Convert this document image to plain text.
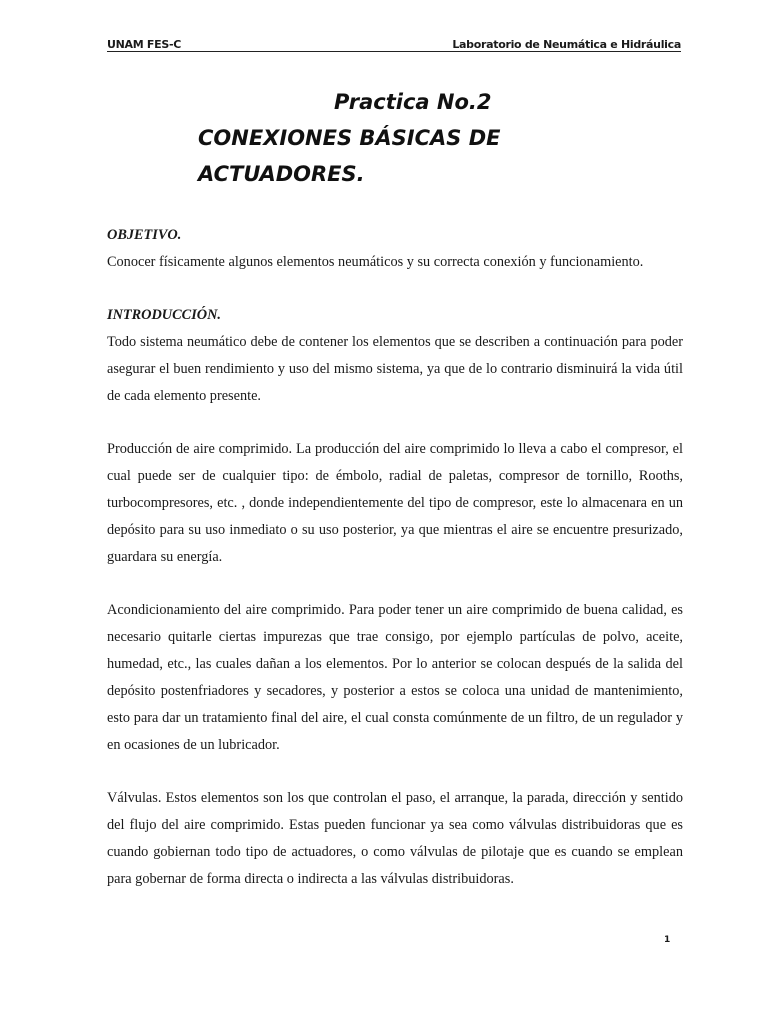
UNAM FES-C	Laboratorio de Neumática e Hidráulica
Practica No.2
CONEXIONES BÁSICAS DE
ACTUADORES.
OBJETIVO.
Conocer físicamente algunos elementos neumáticos y su correcta conexión y funcionamiento.
INTRODUCCIÓN.
Todo sistema neumático debe de contener los elementos que se describen a continuación para poder asegurar el buen rendimiento y uso del mismo sistema, ya que de lo contrario disminuirá la vida útil de cada elemento presente.
Producción de aire comprimido. La producción del aire comprimido lo lleva a cabo el compresor, el cual puede ser de cualquier tipo: de émbolo, radial de paletas, compresor de tornillo, Rooths, turbocompresores, etc. , donde independientemente del tipo de compresor, este lo almacenara en un depósito para su uso inmediato o su uso posterior, ya que mientras el aire se encuentre presurizado, guardara su energía.
Acondicionamiento del aire comprimido. Para poder tener un aire comprimido de buena calidad, es necesario quitarle ciertas impurezas que trae consigo, por ejemplo partículas de polvo, aceite, humedad, etc., las cuales dañan a los elementos. Por lo anterior se colocan después de la salida del depósito postenfriadores y secadores, y posterior a estos se coloca una unidad de mantenimiento, esto para dar un tratamiento final del aire, el cual consta comúnmente de un filtro, de un regulador y en ocasiones de un lubricador.
Válvulas. Estos elementos son los que controlan el paso, el arranque, la parada, dirección y sentido del flujo del aire comprimido. Estas pueden funcionar ya sea como válvulas distribuidoras que es cuando gobiernan todo tipo de actuadores, o como válvulas de pilotaje que es cuando se emplean para gobernar de forma directa o indirecta a las válvulas distribuidoras.
1
